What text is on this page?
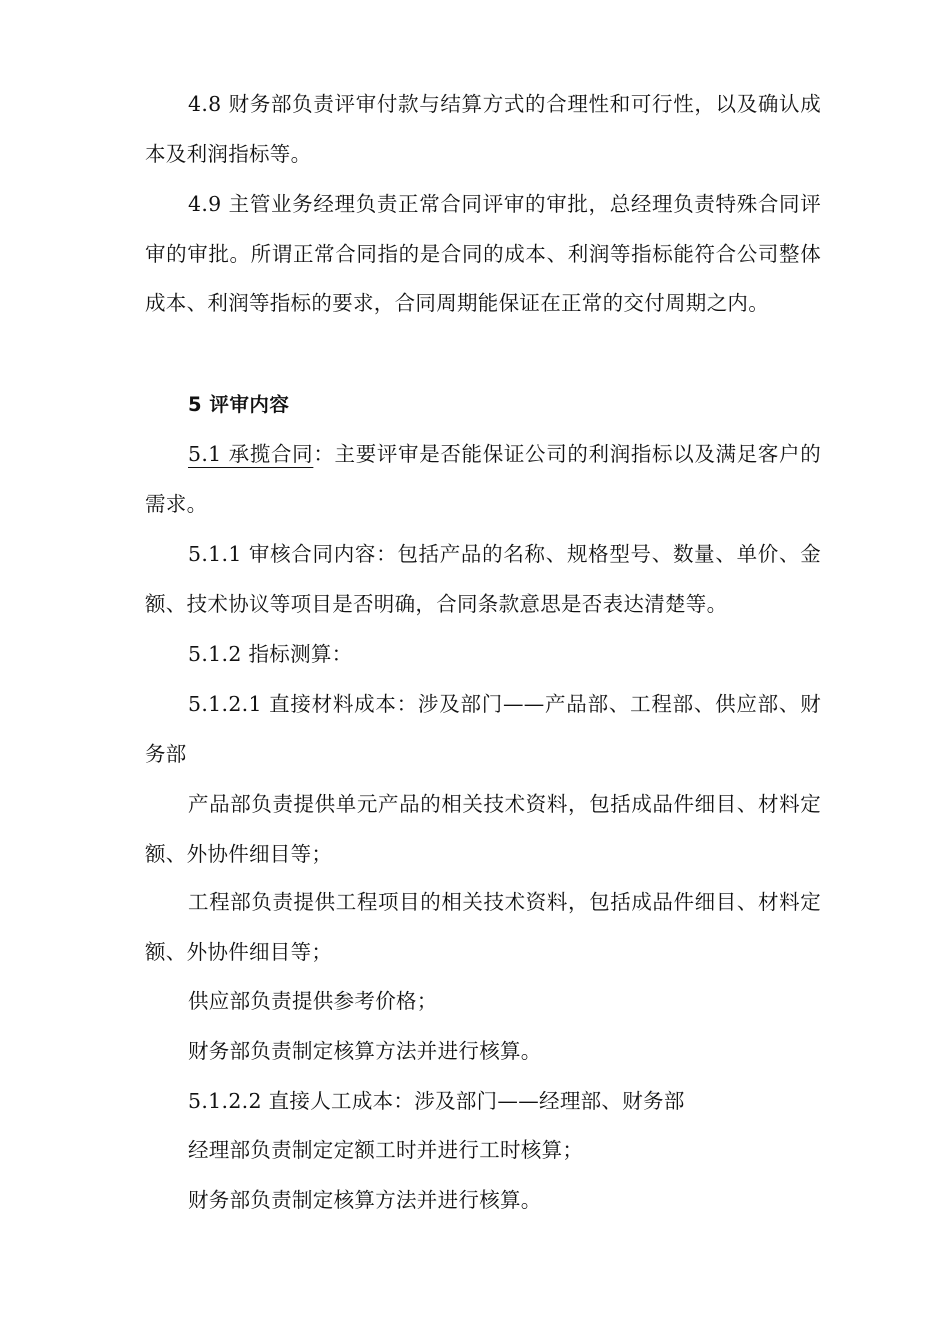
4.8 财务部负责评审付款与结算方式的合理性和可行性，以及确认成本及利润指标等。

4.9 主管业务经理负责正常合同评审的审批，总经理负责特殊合同评审的审批。所谓正常合同指的是合同的成本、利润等指标能符合公司整体成本、利润等指标的要求，合同周期能保证在正常的交付周期之内。

5 评审内容

5.1 承揽合同：主要评审是否能保证公司的利润指标以及满足客户的需求。

5.1.1 审核合同内容：包括产品的名称、规格型号、数量、单价、金额、技术协议等项目是否明确，合同条款意思是否表达清楚等。

5.1.2 指标测算：

5.1.2.1 直接材料成本：涉及部门——产品部、工程部、供应部、财务部

产品部负责提供单元产品的相关技术资料，包括成品件细目、材料定额、外协件细目等；

工程部负责提供工程项目的相关技术资料，包括成品件细目、材料定额、外协件细目等；

供应部负责提供参考价格；

财务部负责制定核算方法并进行核算。

5.1.2.2 直接人工成本：涉及部门——经理部、财务部

经理部负责制定定额工时并进行工时核算；

财务部负责制定核算方法并进行核算。
